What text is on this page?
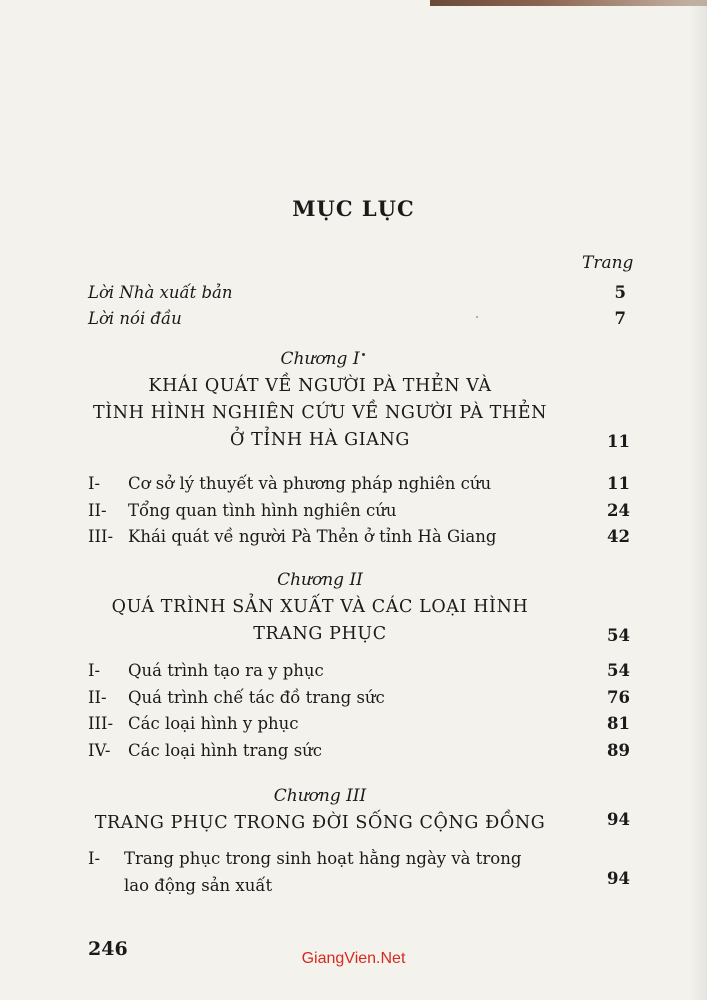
MỤC LỤC
Trang
Lời Nhà xuất bản	5
Lời nói đầu	7
Chương I
KHÁI QUÁT VỀ NGƯỜI PÀ THẺN VÀ
TÌNH HÌNH NGHIÊN CỨU VỀ NGƯỜI PÀ THẺN
Ở TỈNH HÀ GIANG	11
I- Cơ sở lý thuyết và phương pháp nghiên cứu	11
II- Tổng quan tình hình nghiên cứu	24
III- Khái quát về người Pà Thẻn ở tỉnh Hà Giang	42
Chương II
QUÁ TRÌNH SẢN XUẤT VÀ CÁC LOẠI HÌNH
TRANG PHỤC	54
I- Quá trình tạo ra y phục	54
II- Quá trình chế tác đồ trang sức	76
III- Các loại hình y phục	81
IV- Các loại hình trang sức	89
Chương III
TRANG PHỤC TRONG ĐỜI SỐNG CỘNG ĐỒNG	94
I- Trang phục trong sinh hoạt hằng ngày và trong
lao động sản xuất	94
246	GiangVien.Net
